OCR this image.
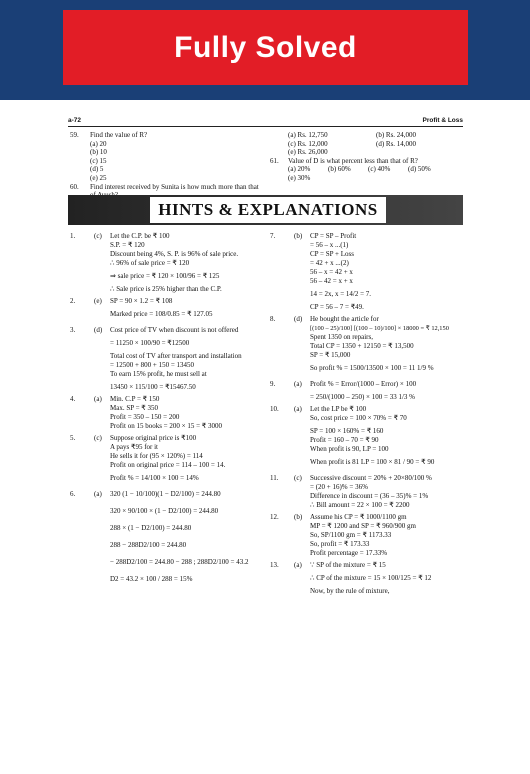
Fully Solved
a-72	Profit & Loss
59.	Find the value of R?
(a) 20
(b) 10
(c) 15
(d) 5
(e) 25
60.	Find interest received by Sunita is how much more than that
(a) Rs. 12,750	(b) Rs. 24,000
(c) Rs. 12,000	(d) Rs. 14,000
(e) Rs. 26,000
61.	Value of D is what percent less than that of R?
(a) 20%	(b) 60%	(c) 40%	(d) 50%
(e) 30%
HINTS & EXPLANATIONS
1.	(c)	Let the C.P. be ₹ 100
S.P. = ₹ 120
Discount being 4%, S. P. is 96% of sale price.
∴ 96% of sale price = ₹ 120
⇒ sale price = ₹ 120 × 100/96 = ₹ 125
∴ Sale price is 25% higher than the C.P.
2.	(e)	SP = 90 × 1.2 = ₹ 108
Marked price = 108/0.85 = ₹ 127.05
3.	(d)	Cost price of TV when discount is not offered
= 11250 × 100/90 = ₹12500
Total cost of TV after transport and installation
= 12500 + 800 + 150 = 13450
To earn 15% profit, he must sell at
13450 × 115/100 = ₹15467.50
4.	(a)	Min. C.P = ₹ 150
Max. SP = ₹ 350
Profit = 350 – 150 = 200
Profit on 15 books = 200 × 15 = ₹ 3000
5.	(c)	Suppose original price is ₹100
A pays ₹95 for it
He sells it for (95 × 120%) = 114
Profit on original price = 114 – 100 = 14.
Profit % = 14/100 × 100 = 14%
6.	(a)	320 (1 − 10/100)(1 − D2/100) = 244.80
320 × 90/100 × (1 − D2/100) = 244.80
288 × (1 − D2/100) = 244.80
288 − 288D2/100 = 244.80
− 288D2/100 = 244.80 − 288 ; 288D2/100 = 43.2
D2 = 43.2 × 100 / 288 = 15%
7.	(b)	CP = SP – Profit
= 56 – x ...(1)
CP = SP + Loss
= 42 + x ...(2)
56 – x = 42 + x
56 – 42 = x + x
14 = 2x, x = 14/2 = 7.
CP = 56 – 7 = ₹49.
8.	(d)	He bought the article for
[(100 – 25)/100] [(100 – 10)/100] × 18000 = ₹ 12,150
Spent 1350 on repairs,
Total CP = 1350 + 12150 = ₹ 13,500
SP = ₹ 15,000
So profit % = 1500/13500 × 100 = 11 1/9 %
9.	(a)	Profit % = Error/(1000 – Error) × 100
= 250/(1000 – 250) × 100 = 33 1/3 %
10.	(a)	Let the LP be ₹ 100
So, cost price = 100 × 70% = ₹ 70
SP = 100 × 160% = ₹ 160
Profit = 160 – 70 = ₹ 90
When profit is 90, LP = 100
When profit is 81 LP = 100 × 81 / 90 = ₹ 90
11.	(c)	Successive discount = 20% + 20×80/100 %
= (20 + 16)% = 36%
Difference in discount = (36 – 35)% = 1%
∴ Bill amount = 22 × 100 = ₹ 2200
12.	(b)	Assume his CP = ₹ 1000/1100 gm
MP = ₹ 1200 and SP = ₹ 960/900 gm
So, SP/1100 gm = ₹ 1173.33
So, profit = ₹ 173.33
Profit percentage = 17.33%
13.	(a)	∵ SP of the mixture = ₹ 15
∴ CP of the mixture = 15 × 100/125 = ₹ 12
Now, by the rule of mixture,
